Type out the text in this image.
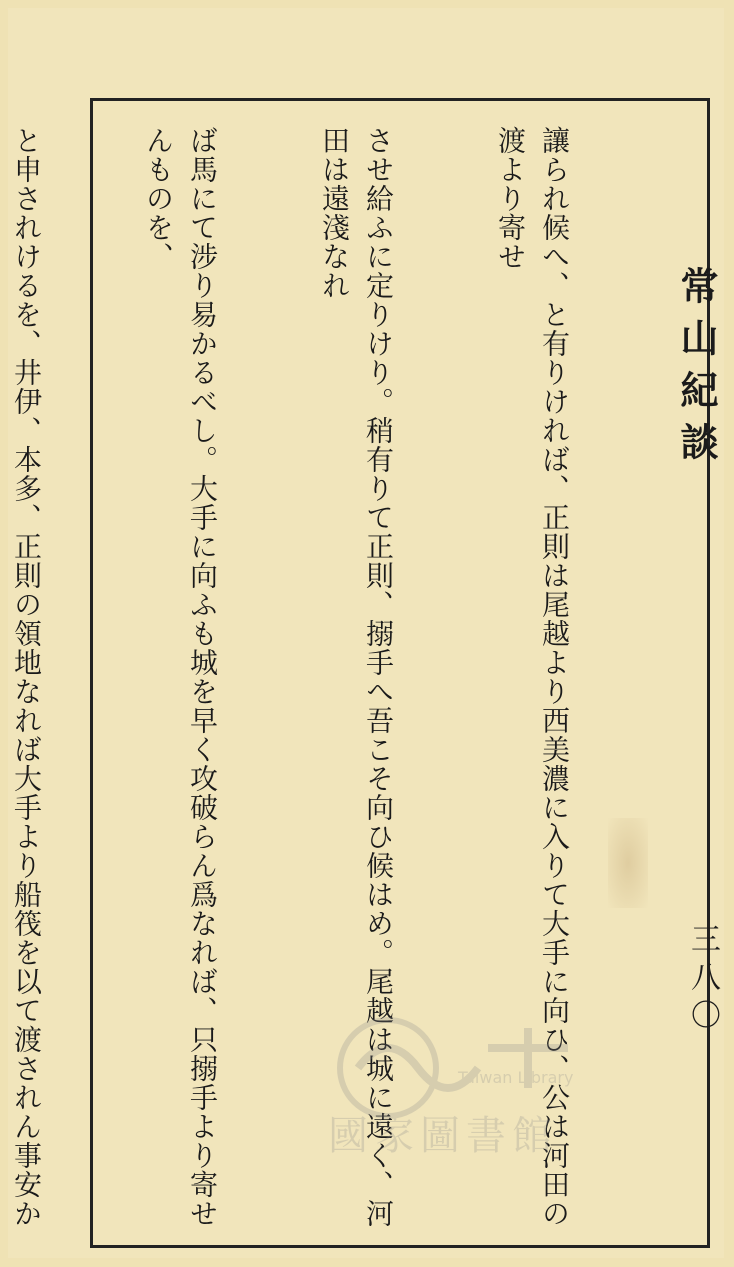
常山紀談
三八〇

讓られ候へ、と有りければ、正則は尾越より西美濃に入りて大手に向ひ、公は河田の渡より寄せ

させ給ふに定りけり。稍有りて正則、搦手へ吾こそ向ひ候はめ。尾越は城に遠く、河田は遠淺なれ

ば馬にて涉り易かるべし。大手に向ふも城を早く攻破らん爲なれば、只搦手より寄せんものを、

と申されけるを、井伊、本多、正則の領地なれば大手より船筏を以て渡されん事安か

Taiwan Library
國家圖書館
